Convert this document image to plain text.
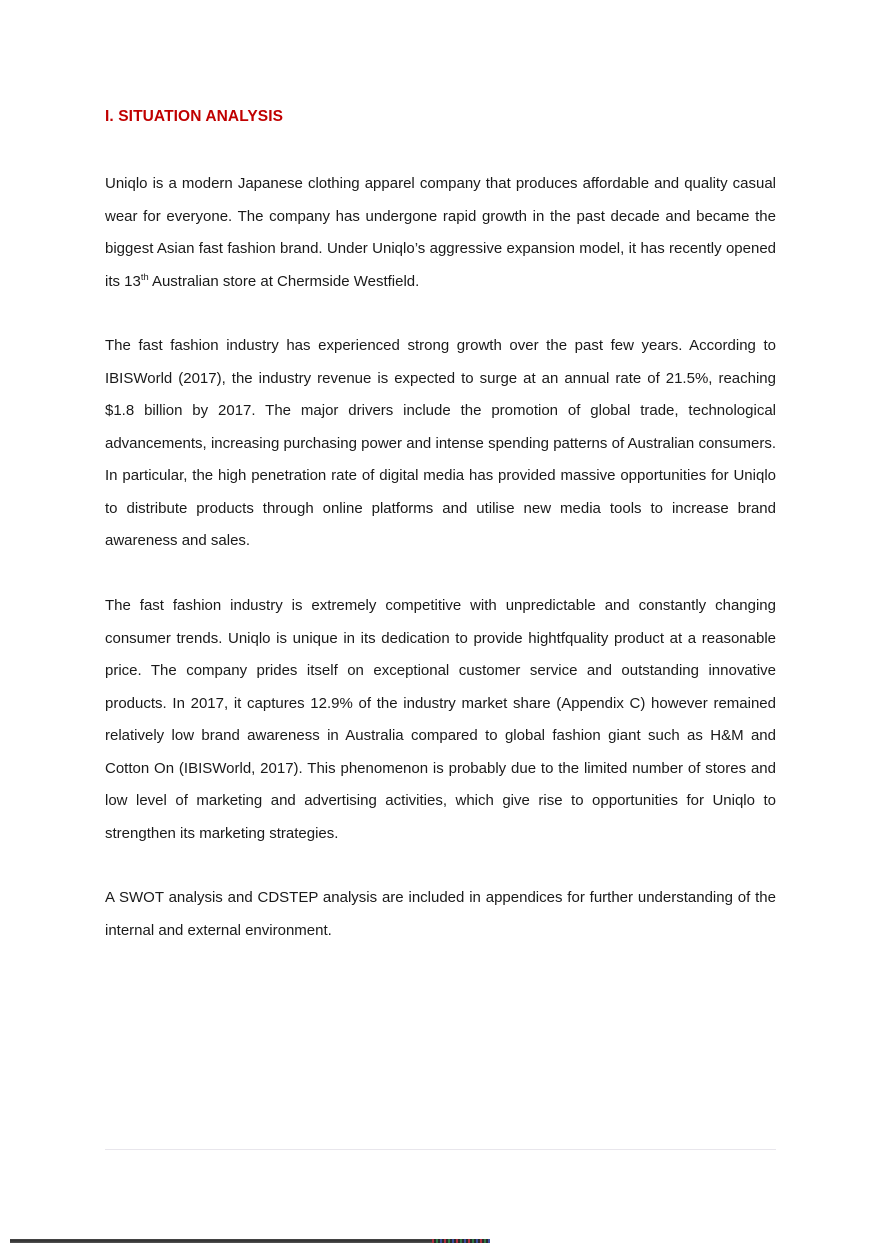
I. SITUATION ANALYSIS

Uniqlo is a modern Japanese clothing apparel company that produces affordable and quality casual wear for everyone. The company has undergone rapid growth in the past decade and became the biggest Asian fast fashion brand. Under Uniqlo’s aggressive expansion model, it has recently opened its 13th Australian store at Chermside Westfield.

The fast fashion industry has experienced strong growth over the past few years. According to IBISWorld (2017), the industry revenue is expected to surge at an annual rate of 21.5%, reaching $1.8 billion by 2017. The major drivers include the promotion of global trade, technological advancements, increasing purchasing power and intense spending patterns of Australian consumers. In particular, the high penetration rate of digital media has provided massive opportunities for Uniqlo to distribute products through online platforms and utilise new media tools to increase brand awareness and sales.

The fast fashion industry is extremely competitive with unpredictable and constantly changing consumer trends. Uniqlo is unique in its dedication to provide hightfquality product at a reasonable price. The company prides itself on exceptional customer service and outstanding innovative products. In 2017, it captures 12.9% of the industry market share (Appendix C) however remained relatively low brand awareness in Australia compared to global fashion giant such as H&M and Cotton On (IBISWorld, 2017). This phenomenon is probably due to the limited number of stores and low level of marketing and advertising activities, which give rise to opportunities for Uniqlo to strengthen its marketing strategies.

A SWOT analysis and CDSTEP analysis are included in appendices for further understanding of the internal and external environment.
